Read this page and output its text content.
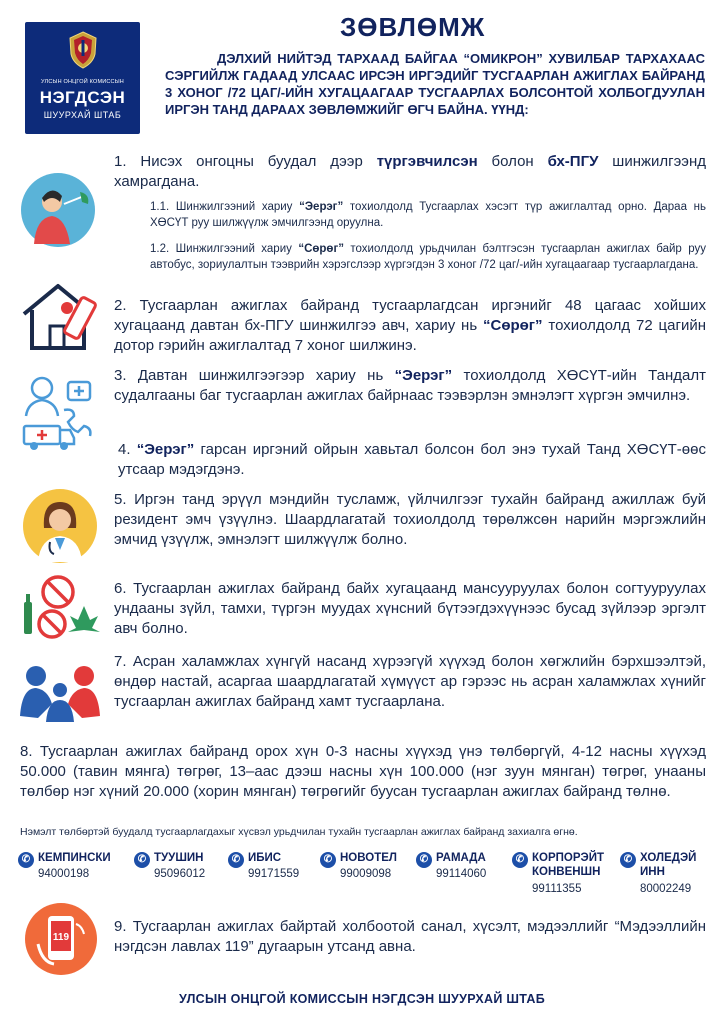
УЛСЫН ОНЦГОЙ КОМИССЫН
НЭГДСЭН
ШУУРХАЙ ШТАБ
ЗӨВЛӨМЖ
ДЭЛХИЙ НИЙТЭД ТАРХААД БАЙГАА “ОМИКРОН” ХУВИЛБАР ТАРХАХААС СЭРГИЙЛЖ ГАДААД УЛСААС ИРСЭН ИРГЭДИЙГ ТУСГААРЛАН АЖИГЛАХ БАЙРАНД 3 ХОНОГ /72 ЦАГ/-ИЙН ХУГАЦААГААР ТУСГААРЛАХ БОЛСОНТОЙ ХОЛБОГДУУЛАН ИРГЭН ТАНД ДАРААХ ЗӨВЛӨМЖИЙГ ӨГЧ БАЙНА. ҮҮНД:
1. Нисэх онгоцны буудал дээр түргэвчилсэн болон бх-ПГУ шинжилгээнд хамрагдана.
1.1. Шинжилгээний хариу “Эерэг” тохиолдолд Тусгаарлах хэсэгт түр ажиглалтад орно. Дараа нь ХӨСҮТ руу шилжүүлж эмчилгээнд оруулна.
1.2. Шинжилгээний хариу “Сөрөг” тохиолдолд урьдчилан бэлтгэсэн тусгаарлан ажиглах байр руу автобус, зориулалтын тээврийн хэрэгслээр хүргэгдэн 3 хоног /72 цаг/-ийн хугацаагаар тусгаарлагдана.
2. Тусгаарлан ажиглах байранд тусгаарлагдсан иргэнийг 48 цагаас хойших хугацаанд давтан бх-ПГУ шинжилгээ авч, хариу нь “Сөрөг” тохиолдолд 72 цагийн дотор гэрийн ажиглалтад 7 хоног шилжинэ.
3. Давтан шинжилгээгээр хариу нь “Эерэг” тохиолдолд ХӨСҮТ-ийн Тандалт судалгааны баг тусгаарлан ажиглах байрнаас тээвэрлэн эмнэлэгт хүргэн эмчилнэ.
4. “Эерэг” гарсан иргэний ойрын хавьтал болсон бол энэ тухай Танд ХӨСҮТ-өөс утсаар мэдэгдэнэ.
5. Иргэн танд эрүүл мэндийн тусламж, үйлчилгээг тухайн байранд ажиллаж буй резидент эмч үзүүлнэ. Шаардлагатай тохиолдолд төрөлжсөн нарийн мэргэжлийн эмчид үзүүлж, эмнэлэгт шилжүүлж болно.
6. Тусгаарлан ажиглах байранд байх хугацаанд мансууруулах болон согтууруулах ундааны зүйл, тамхи, түргэн муудах хүнсний бүтээгдэхүүнээс бусад зүйлээр эргэлт авч болно.
7. Асран халамжлах хүнгүй насанд хүрээгүй хүүхэд болон хөгжлийн бэрхшээлтэй, өндөр настай, асаргаа шаардлагатай хүмүүст ар гэрээс нь асран халамжлах хүнийг тусгаарлан ажиглах байранд хамт тусгаарлана.
8. Тусгаарлан ажиглах байранд орох хүн 0-3 насны хүүхэд үнэ төлбөргүй, 4-12 насны хүүхэд 50.000 (тавин мянга) төгрөг, 13–аас дээш насны хүн 100.000 (нэг зуун мянган) төгрөг, унааны төлбөр нэг хүний 20.000 (хорин мянган) төгрөгийг буусан тусгаарлан ажиглах байранд төлнө.
Нэмэлт төлбөртэй буудалд тусгаарлагдахыг хүсвэл урьдчилан тухайн тусгаарлан ажиглах байранд захиалга өгнө.
✆ КЕМПИНСКИ
94000198
✆ ТУУШИН
95096012
✆ ИБИС
99171559
✆ НОВОТЕЛ
99009098
✆ РАМАДА
99114060
✆ КОРПОРЭЙТ
КОНВЕНШН
99111355
✆ ХОЛЕДЭЙ
ИНН
80002249
119
9. Тусгаарлан ажиглах байртай холбоотой санал, хүсэлт, мэдээллийг “Мэдээллийн нэгдсэн лавлах 119” дугаарын утсанд авна.
УЛСЫН ОНЦГОЙ КОМИССЫН НЭГДСЭН ШУУРХАЙ ШТАБ
